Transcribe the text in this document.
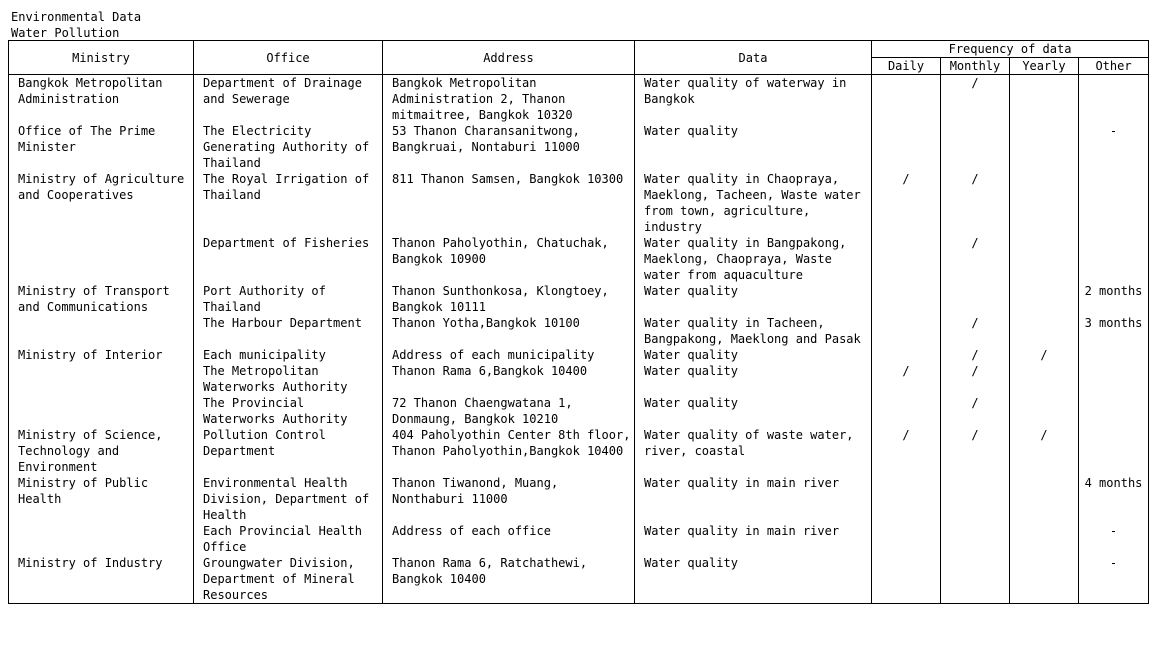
Environmental Data
Water Pollution
Ministry	Office	Address	Data	Frequency of data			
				Daily	Monthly	Yearly	Other
Bangkok Metropolitan Administration	Department of Drainage and Sewerage	Bangkok Metropolitan Administration 2, Thanon mitmaitree, Bangkok 10320	Water quality of waterway in Bangkok		/		
Office of The Prime Minister	The Electricity Generating Authority of Thailand	53 Thanon Charansanitwong, Bangkruai, Nontaburi 11000	Water quality				-
Ministry of Agriculture and Cooperatives	The Royal Irrigation of Thailand	811 Thanon Samsen, Bangkok 10300	Water quality in Chaopraya, Maeklong, Tacheen, Waste water from town, agriculture, industry	/	/		
	Department of Fisheries	Thanon Paholyothin, Chatuchak, Bangkok 10900	Water quality in Bangpakong, Maeklong, Chaopraya, Waste water from aquaculture		/		
Ministry of Transport and Communications	Port Authority of Thailand	Thanon Sunthonkosa, Klongtoey, Bangkok 10111	Water quality				2 months
	The Harbour Department	Thanon Yotha,Bangkok 10100	Water quality in Tacheen, Bangpakong, Maeklong and Pasak		/		3 months
Ministry of Interior	Each municipality	Address of each municipality	Water quality		/	/	
	The Metropolitan Waterworks Authority	Thanon Rama 6,Bangkok 10400	Water quality	/	/		
	The Provincial Waterworks Authority	72 Thanon Chaengwatana 1, Donmaung, Bangkok 10210	Water quality		/		
Ministry of Science, Technology and Environment	Pollution Control Department	404 Paholyothin Center 8th floor, Thanon Paholyothin,Bangkok 10400	Water quality of waste water, river, coastal	/	/	/	
Ministry of Public Health	Environmental Health Division, Department of Health	Thanon Tiwanond, Muang, Nonthaburi 11000	Water quality in main river				4 months
	Each Provincial Health Office	Address of each office	Water quality in main river				-
Ministry of Industry	Groungwater Division, Department of Mineral Resources	Thanon Rama 6, Ratchathewi, Bangkok 10400	Water quality				-
